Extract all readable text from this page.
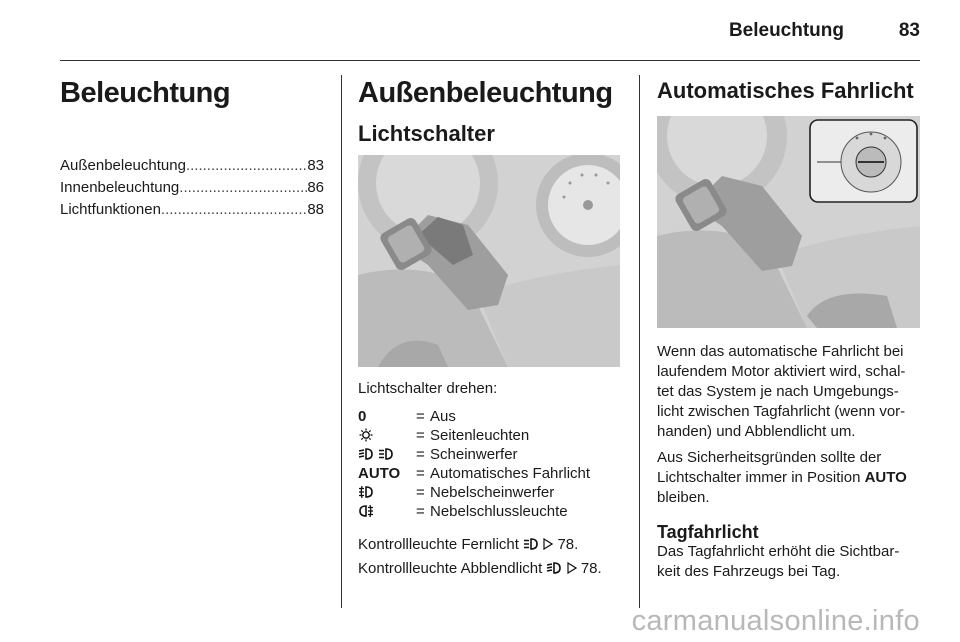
Beleuchtung	83
Beleuchtung
Außenbeleuchtung .....	83
Innenbeleuchtung .....	86
Lichtfunktionen .....	88
Außenbeleuchtung
Lichtschalter

Lichtschalter drehen:

0	= Aus
= Seitenleuchten

= Scheinwerfer
AUTO	= Automatisches Fahrlicht
= Nebelscheinwerfer
= Nebelschlussleuchte

Kontrollleuchte Fernlicht	78.

Kontrollleuchte Abblendlicht	78.

Automatisches Fahrlicht

Wenn das automatische Fahrlicht bei laufendem Motor aktiviert wird, schal-tet das System je nach Umgebungs-licht zwischen Tagfahrlicht (wenn vor-handen) und Abblendlicht um.

Aus Sicherheitsgründen sollte der Lichtschalter immer in Position AUTO bleiben.

Tagfahrlicht

Das Tagfahrlicht erhöht die Sichtbar-keit des Fahrzeugs bei Tag.

carmanualsonline.info
